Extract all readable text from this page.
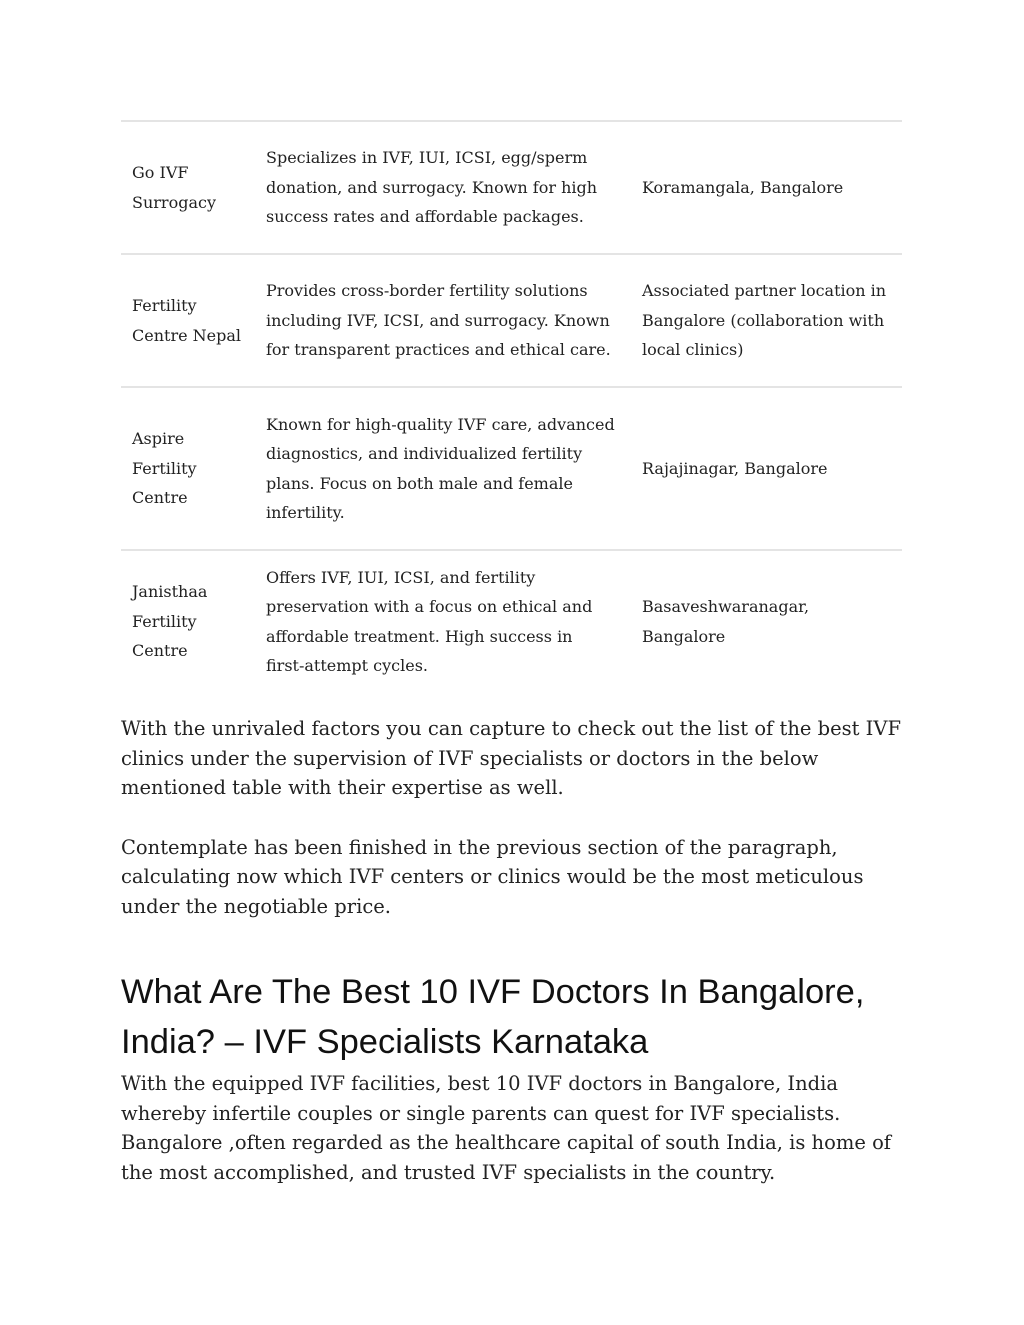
Go IVF Surrogacy	Specializes in IVF, IUI, ICSI, egg/sperm donation, and surrogacy. Known for high success rates and affordable packages.	Koramangala, Bangalore

Fertility Centre Nepal	Provides cross-border fertility solutions including IVF, ICSI, and surrogacy. Known for transparent practices and ethical care.	Associated partner location in Bangalore (collaboration with local clinics)

Aspire Fertility Centre	Known for high-quality IVF care, advanced diagnostics, and individualized fertility plans. Focus on both male and female infertility.	Rajajinagar, Bangalore

Janisthaa Fertility Centre	Offers IVF, IUI, ICSI, and fertility preservation with a focus on ethical and affordable treatment. High success in first-attempt cycles.	Basaveshwaranagar, Bangalore

With the unrivaled factors you can capture to check out the list of the best IVF clinics under the supervision of IVF specialists or doctors in the below mentioned table with their expertise as well.

Contemplate has been finished in the previous section of the paragraph, calculating now which IVF centers or clinics would be the most meticulous under the negotiable price.

What Are The Best 10 IVF Doctors In Bangalore, India? – IVF Specialists Karnataka

With the equipped IVF facilities, best 10 IVF doctors in Bangalore, India whereby infertile couples or single parents can quest for IVF specialists. Bangalore ,often regarded as the healthcare capital of south India, is home of the most accomplished, and trusted IVF specialists in the country.
